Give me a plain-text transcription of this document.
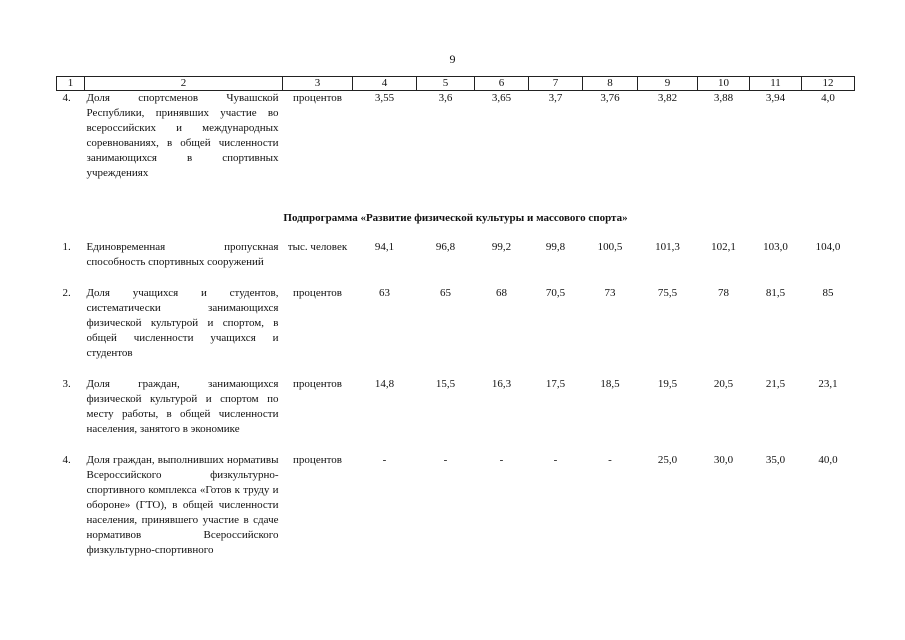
9
1	2	3	4	5	6	7	8	9	10	11	12
4.	Доля спортсменов Чувашской Республики, принявших участие во всероссийских и международных соревнованиях, в общей численности занимающихся в спортивных учреждениях	процентов	3,55	3,6	3,65	3,7	3,76	3,82	3,88	3,94	4,0
Подпрограмма «Развитие физической культуры и массового спорта»											
1.	Единовременная пропускная способность спортивных сооружений	тыс. человек	94,1	96,8	99,2	99,8	100,5	101,3	102,1	103,0	104,0
2.	Доля учащихся и студентов, систематически занимающихся физической культурой и спортом, в общей численности учащихся и студентов	процентов	63	65	68	70,5	73	75,5	78	81,5	85
3.	Доля граждан, занимающихся физической культурой и спортом по месту работы, в общей численности населения, занятого в экономике	процентов	14,8	15,5	16,3	17,5	18,5	19,5	20,5	21,5	23,1
4.	Доля граждан, выполнивших нормативы Всероссийского физкультурно-спортивного комплекса «Готов к труду и обороне» (ГТО), в общей численности населения, принявшего участие в сдаче нормативов Всероссийского физкультурно-спортивного	процентов	-	-	-	-	-	25,0	30,0	35,0	40,0
